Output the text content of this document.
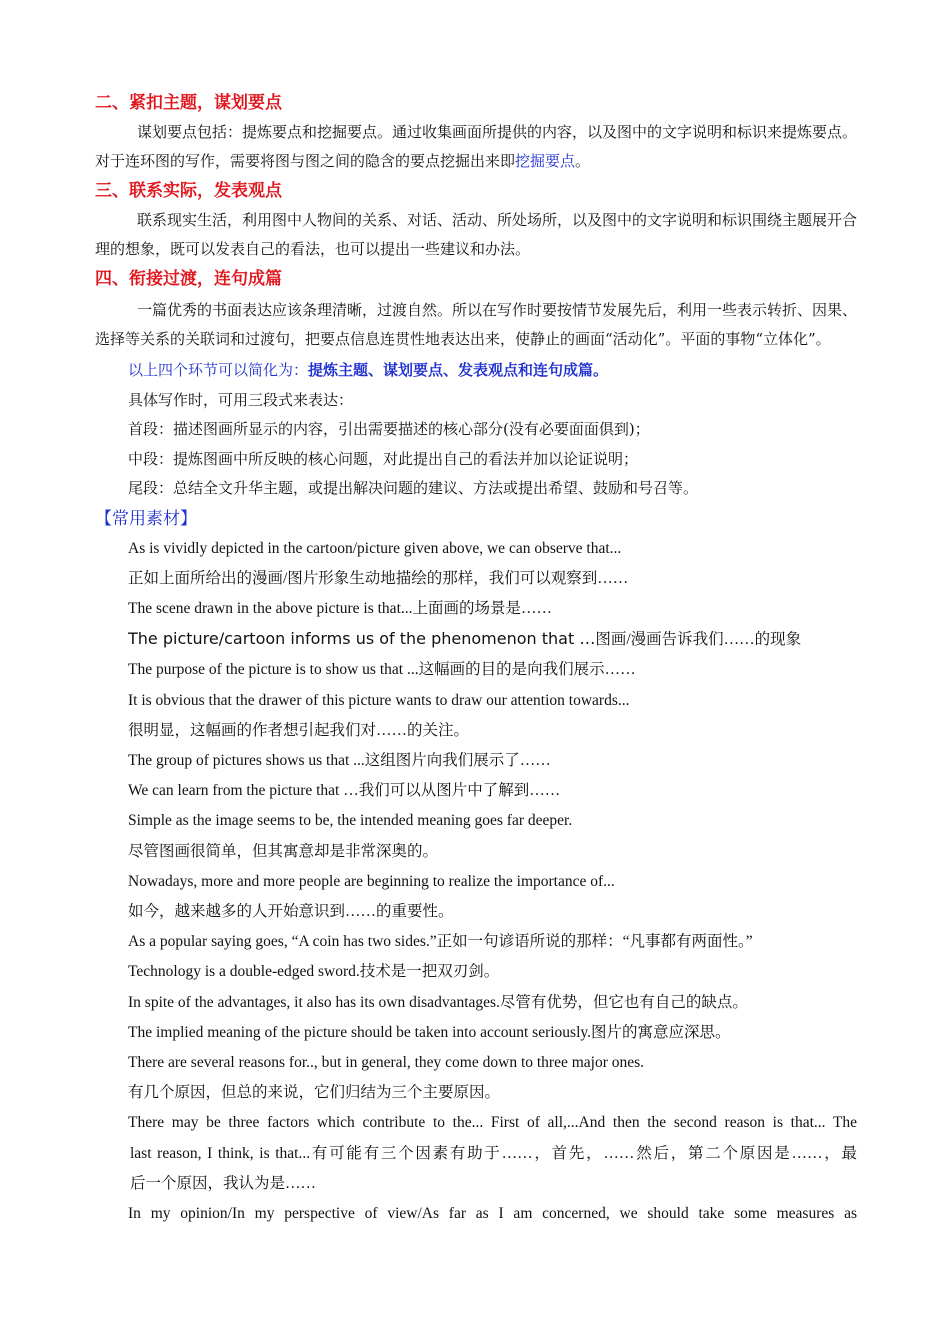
二、紧扣主题，谋划要点

谋划要点包括：提炼要点和挖掘要点。通过收集画面所提供的内容，以及图中的文字说明和标识来提炼要点。对于连环图的写作，需要将图与图之间的隐含的要点挖掘出来即挖掘要点。

三、联系实际，发表观点

联系现实生活，利用图中人物间的关系、对话、活动、所处场所，以及图中的文字说明和标识围绕主题展开合理的想象，既可以发表自己的看法，也可以提出一些建议和办法。

四、衔接过渡，连句成篇

一篇优秀的书面表达应该条理清晰，过渡自然。所以在写作时要按情节发展先后，利用一些表示转折、因果、选择等关系的关联词和过渡句，把要点信息连贯性地表达出来，使静止的画面“活动化”。平面的事物“立体化”。

以上四个环节可以简化为：提炼主题、谋划要点、发表观点和连句成篇。

具体写作时，可用三段式来表达：

首段：描述图画所显示的内容，引出需要描述的核心部分(没有必要面面俱到)；

中段：提炼图画中所反映的核心问题，对此提出自己的看法并加以论证说明；

尾段：总结全文升华主题，或提出解决问题的建议、方法或提出希望、鼓励和号召等。

【常用素材】

As is vividly depicted in the cartoon/picture given above, we can observe that...

正如上面所给出的漫画/图片形象生动地描绘的那样，我们可以观察到……

The scene drawn in the above picture is that...上面画的场景是……

The picture/cartoon informs us of the phenomenon that …图画/漫画告诉我们……的现象

The purpose of the picture is to show us that ...这幅画的目的是向我们展示……

It is obvious that the drawer of this picture wants to draw our attention towards...

很明显，这幅画的作者想引起我们对……的关注。

The group of pictures shows us that ...这组图片向我们展示了……

We can learn from the picture that …我们可以从图片中了解到……

Simple as the image seems to be, the intended meaning goes far deeper.

尽管图画很简单，但其寓意却是非常深奥的。

Nowadays, more and more people are beginning to realize the importance of...

如今，越来越多的人开始意识到……的重要性。

As a popular saying goes, “A coin has two sides.”正如一句谚语所说的那样：“凡事都有两面性。”

Technology is a double-edged sword.技术是一把双刃剑。

In spite of the advantages, it also has its own disadvantages.尽管有优势，但它也有自己的缺点。

The implied meaning of the picture should be taken into account seriously.图片的寓意应深思。

There are several reasons for.., but in general, they come down to three major ones.

有几个原因，但总的来说，它们归结为三个主要原因。

There may be three factors which contribute to the... First of all,...And then the second reason is that... The

last reason, I think, is that...有可能有三个因素有助于……，首先，……然后，第二个原因是……，最

后一个原因，我认为是……

In my opinion/In my perspective of view/As far as I am concerned, we should take some measures as
